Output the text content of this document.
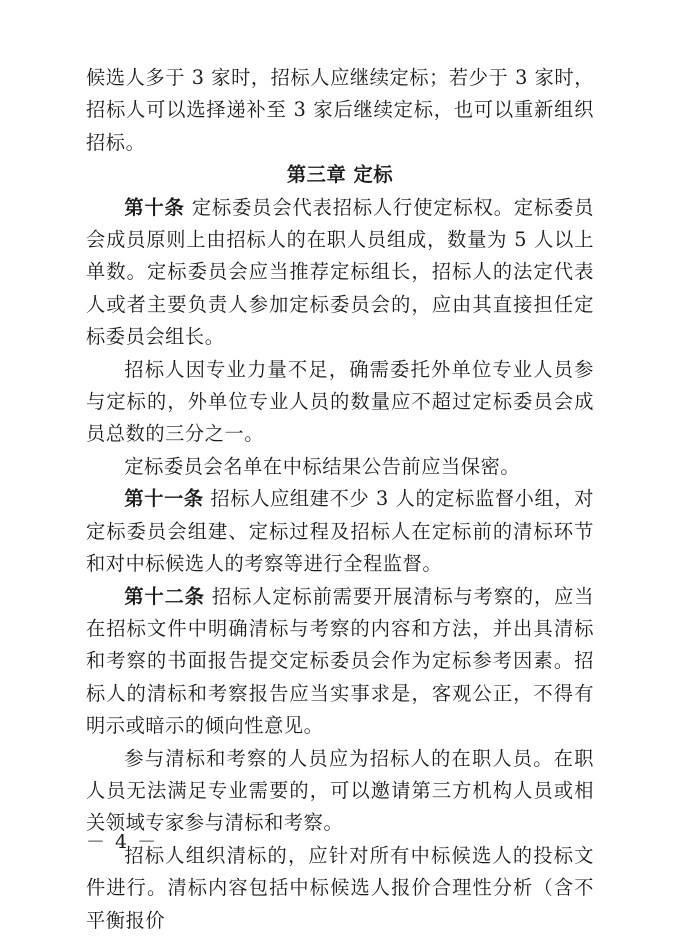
候选人多于 3 家时，招标人应继续定标；若少于 3 家时，招标人可以选择递补至 3 家后继续定标，也可以重新组织招标。

第三章 定标

第十条 定标委员会代表招标人行使定标权。定标委员会成员原则上由招标人的在职人员组成，数量为 5 人以上单数。定标委员会应当推荐定标组长，招标人的法定代表人或者主要负责人参加定标委员会的，应由其直接担任定标委员会组长。

招标人因专业力量不足，确需委托外单位专业人员参与定标的，外单位专业人员的数量应不超过定标委员会成员总数的三分之一。

定标委员会名单在中标结果公告前应当保密。

第十一条 招标人应组建不少 3 人的定标监督小组，对定标委员会组建、定标过程及招标人在定标前的清标环节和对中标候选人的考察等进行全程监督。

第十二条 招标人定标前需要开展清标与考察的，应当在招标文件中明确清标与考察的内容和方法，并出具清标和考察的书面报告提交定标委员会作为定标参考因素。招标人的清标和考察报告应当实事求是，客观公正，不得有明示或暗示的倾向性意见。

参与清标和考察的人员应为招标人的在职人员。在职人员无法满足专业需要的，可以邀请第三方机构人员或相关领域专家参与清标和考察。

招标人组织清标的，应针对所有中标候选人的投标文件进行。清标内容包括中标候选人报价合理性分析（含不平衡报价

－ 4 －
